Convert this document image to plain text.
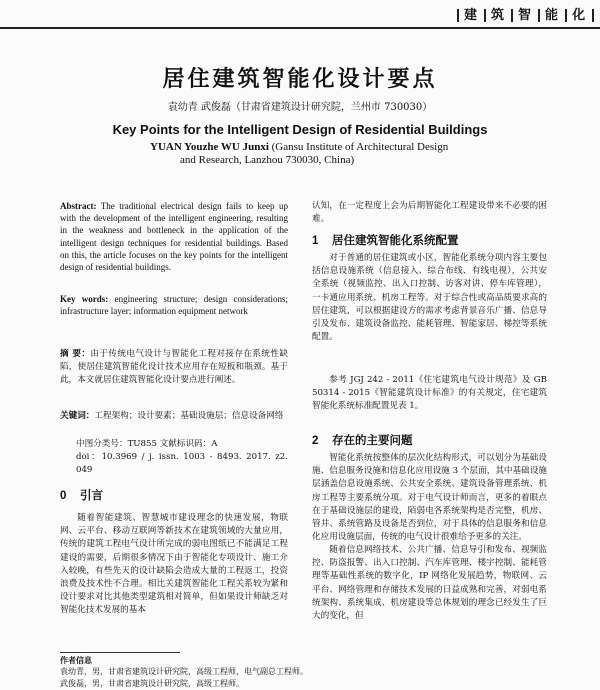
建 筑 智 能 化
居住建筑智能化设计要点
袁幼青 武俊磊（甘肃省建筑设计研究院，兰州市 730030）
Key Points for the Intelligent Design of Residential Buildings
YUAN Youzhe WU Junxi (Gansu Institute of Architectural Design
and Research, Lanzhou 730030, China)
Abstract: The traditional electrical design fails to keep up with the development of the intelligent engineering, resulting in the weakness and bottleneck in the application of the intelligent design techniques for residential buildings. Based on this, the article focuses on the key points for the intelligent design of residential buildings.
Key words: engineering structure; design considerations; infrastructure layer; information equipment network
摘 要：由于传统电气设计与智能化工程对接存在系统性缺陷，使居住建筑智能化设计技术应用存在短板和瓶颈。基于此，本文就居住建筑智能化设计要点进行阐述。
关键词：工程架构；设计要素；基础设施层；信息设备网络
中图分类号：TU855 文献标识码：A
doi：10.3969 / j. issn. 1003 - 8493. 2017. z2. 049
0 引言
随着智能建筑、智慧城市建设理念的快速发展，物联网、云平台、移动互联网等新技术在建筑领域的大量应用，传统的建筑工程电气设计所完成的弱电图纸已不能满足工程建设的需要，后期很多情况下由于智能化专项设计、施工介入较晚，有些先天的设计缺陷会造成大量的工程返工，投资浪费及技术性不合理。相比关建筑智能化工程关系较为紧和设计要求对比其他类型建筑相对简单，但如果设计师缺乏对智能化技术发展的基本
认知，在一定程度上会为后期智能化工程建设带来不必要的困难。
1 居住建筑智能化系统配置
对于普通的居住建筑或小区，智能化系统分项内容主要包括信息设施系统（信息接入、综合布线、有线电视），公共安全系统（视频监控、出入口控制、访客对讲、停车库管理），一卡通应用系统、机房工程等。对于综合性或高品质要求高的居住建筑，可以根据建设方的需求考虑背景音乐广播、信息导引及发布、建筑设备监控、能耗管理、智能家居、梯控等系统配置。
参考 JGJ 242 - 2011《住宅建筑电气设计规范》及 GB 50314 - 2015《智能建筑设计标准》的有关规定，住宅建筑智能化系统标准配置见表 1。
2 存在的主要问题
智能化系统按整体的层次化结构形式，可以划分为基础设施、信息服务设施和信息化应用设施 3 个层面，其中基础设施层涵盖信息设施系统、公共安全系统、建筑设备管理系统、机房工程等主要系统分项。对于电气设计师而言，更多的着眼点在于基础设施层的建设，陌弱电各系统架构是否完整，机房、管井、系统管路及设备是否到位，对于具体的信息服务和信息化应用设施层面，传统的电气设计很难给予更多的关注。
随着信息网络技术、公共广播、信息导引和发布、视频监控、防盗报警、出入口控制、汽车库管理、楼宇控制、能耗管理等基础性系统的数字化，IP 网络化发展趋势，物联网、云平台、网络管理和存储技术发展的日益成熟和完善，对弱电系统架构、系统集成、机房建设等总体规划的理念已经发生了巨大的变化，但
作者信息
袁幼青，男，甘肃省建筑设计研究院，高级工程师，电气副总工程师。
武俊磊，男，甘肃省建筑设计研究院，高级工程师。
